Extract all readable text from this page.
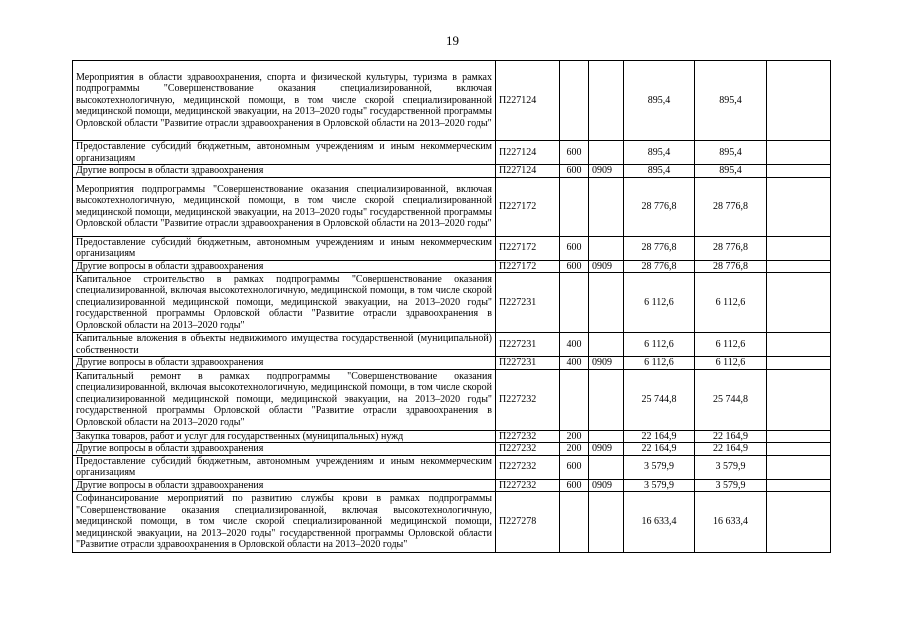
19
Мероприятия в области здравоохранения, спорта и физической культуры, туризма в рамках подпрограммы "Совершенствование оказания специализированной, включая высокотехнологичную, медицинской помощи, в том числе скорой специализированной медицинской помощи, медицинской эвакуации, на 2013–2020 годы" государственной программы Орловской области "Развитие отрасли здравоохранения в Орловской области на 2013–2020 годы"	П227124			895,4	895,4	
Предоставление субсидий бюджетным, автономным учреждениям и иным некоммерческим организациям	П227124	600		895,4	895,4	
Другие вопросы в области здравоохранения	П227124	600	0909	895,4	895,4	
Мероприятия подпрограммы "Совершенствование оказания специализированной, включая высокотехнологичную, медицинской помощи, в том числе скорой специализированной медицинской помощи, медицинской эвакуации, на 2013–2020 годы" государственной программы Орловской области "Развитие отрасли здравоохранения в Орловской области на 2013–2020 годы"	П227172			28 776,8	28 776,8	
Предоставление субсидий бюджетным, автономным учреждениям и иным некоммерческим организациям	П227172	600		28 776,8	28 776,8	
Другие вопросы в области здравоохранения	П227172	600	0909	28 776,8	28 776,8	
Капитальное строительство в рамках подпрограммы "Совершенствование оказания специализированной, включая высокотехнологичную, медицинской помощи, в том числе скорой специализированной медицинской помощи, медицинской эвакуации, на 2013–2020 годы" государственной программы Орловской области "Развитие отрасли здравоохранения в Орловской области на 2013–2020 годы"	П227231			6 112,6	6 112,6	
Капитальные вложения в объекты недвижимого имущества государственной (муниципальной) собственности	П227231	400		6 112,6	6 112,6	
Другие вопросы в области здравоохранения	П227231	400	0909	6 112,6	6 112,6	
Капитальный ремонт в рамках подпрограммы "Совершенствование оказания специализированной, включая высокотехнологичную, медицинской помощи, в том числе скорой специализированной медицинской помощи, медицинской эвакуации, на 2013–2020 годы" государственной программы Орловской области "Развитие отрасли здравоохранения в Орловской области на 2013–2020 годы"	П227232			25 744,8	25 744,8	
Закупка товаров, работ и услуг для государственных (муниципальных) нужд	П227232	200		22 164,9	22 164,9	
Другие вопросы в области здравоохранения	П227232	200	0909	22 164,9	22 164,9	
Предоставление субсидий бюджетным, автономным учреждениям и иным некоммерческим организациям	П227232	600		3 579,9	3 579,9	
Другие вопросы в области здравоохранения	П227232	600	0909	3 579,9	3 579,9	
Софинансирование мероприятий по развитию службы крови в рамках подпрограммы "Совершенствование оказания специализированной, включая высокотехнологичную, медицинской помощи, в том числе скорой специализированной медицинской помощи, медицинской эвакуации, на 2013–2020 годы" государственной программы Орловской области "Развитие отрасли здравоохранения в Орловской области на 2013–2020 годы"	П227278			16 633,4	16 633,4	
